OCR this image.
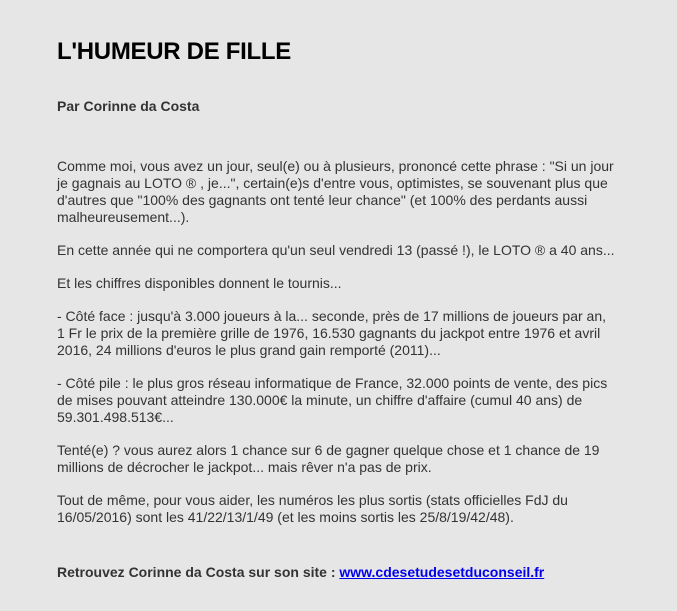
L'HUMEUR DE FILLE
Par Corinne da Costa

Comme moi, vous avez un jour, seul(e) ou à plusieurs, prononcé cette phrase : "Si un jour je gagnais au LOTO ® , je...", certain(e)s d'entre vous, optimistes, se souvenant plus que d'autres que "100% des gagnants ont tenté leur chance" (et 100% des perdants aussi malheureusement...).

En cette année qui ne comportera qu'un seul vendredi 13 (passé !), le LOTO ® a 40 ans...

Et les chiffres disponibles donnent le tournis...

- Côté face : jusqu'à 3.000 joueurs à la... seconde, près de 17 millions de joueurs par an, 1 Fr le prix de la première grille de 1976, 16.530 gagnants du jackpot entre 1976 et avril 2016, 24 millions d'euros le plus grand gain remporté (2011)...

- Côté pile : le plus gros réseau informatique de France, 32.000 points de vente, des pics de mises pouvant atteindre 130.000€ la minute, un chiffre d'affaire (cumul 40 ans) de 59.301.498.513€...

Tenté(e) ? vous aurez alors 1 chance sur 6 de gagner quelque chose et 1 chance de 19 millions de décrocher le jackpot... mais rêver n'a pas de prix.

Tout de même, pour vous aider, les numéros les plus sortis (stats officielles FdJ du 16/05/2016) sont les 41/22/13/1/49 (et les moins sortis les 25/8/19/42/48).

Retrouvez Corinne da Costa sur son site : www.cdesetudesetduconseil.fr
